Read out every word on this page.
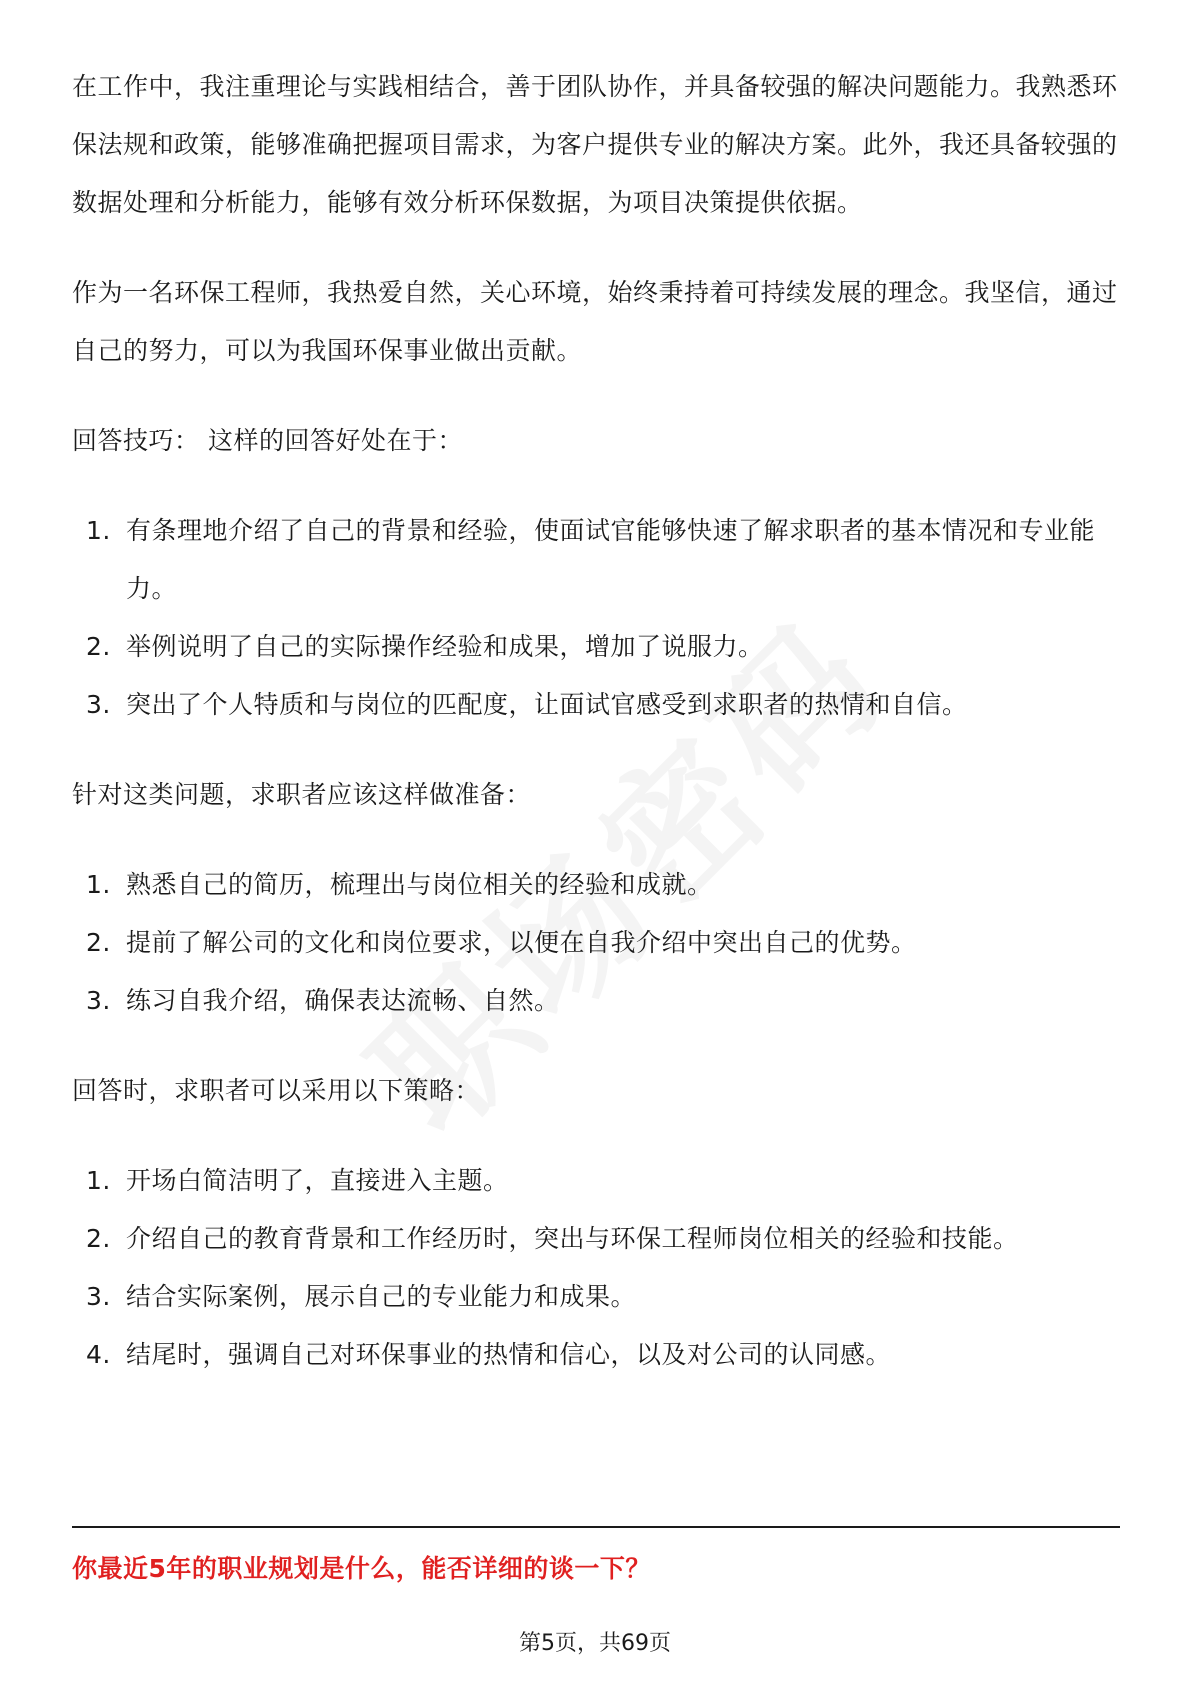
在工作中，我注重理论与实践相结合，善于团队协作，并具备较强的解决问题能力。我熟悉环保法规和政策，能够准确把握项目需求，为客户提供专业的解决方案。此外，我还具备较强的数据处理和分析能力，能够有效分析环保数据，为项目决策提供依据。

作为一名环保工程师，我热爱自然，关心环境，始终秉持着可持续发展的理念。我坚信，通过自己的努力，可以为我国环保事业做出贡献。

回答技巧： 这样的回答好处在于：

1. 有条理地介绍了自己的背景和经验，使面试官能够快速了解求职者的基本情况和专业能力。
2. 举例说明了自己的实际操作经验和成果，增加了说服力。
3. 突出了个人特质和与岗位的匹配度，让面试官感受到求职者的热情和自信。

针对这类问题，求职者应该这样做准备：

1. 熟悉自己的简历，梳理出与岗位相关的经验和成就。
2. 提前了解公司的文化和岗位要求，以便在自我介绍中突出自己的优势。
3. 练习自我介绍，确保表达流畅、自然。

回答时，求职者可以采用以下策略：

1. 开场白简洁明了，直接进入主题。
2. 介绍自己的教育背景和工作经历时，突出与环保工程师岗位相关的经验和技能。
3. 结合实际案例，展示自己的专业能力和成果。
4. 结尾时，强调自己对环保事业的热情和信心，以及对公司的认同感。

你最近5年的职业规划是什么，能否详细的谈一下？

第5页，共69页
